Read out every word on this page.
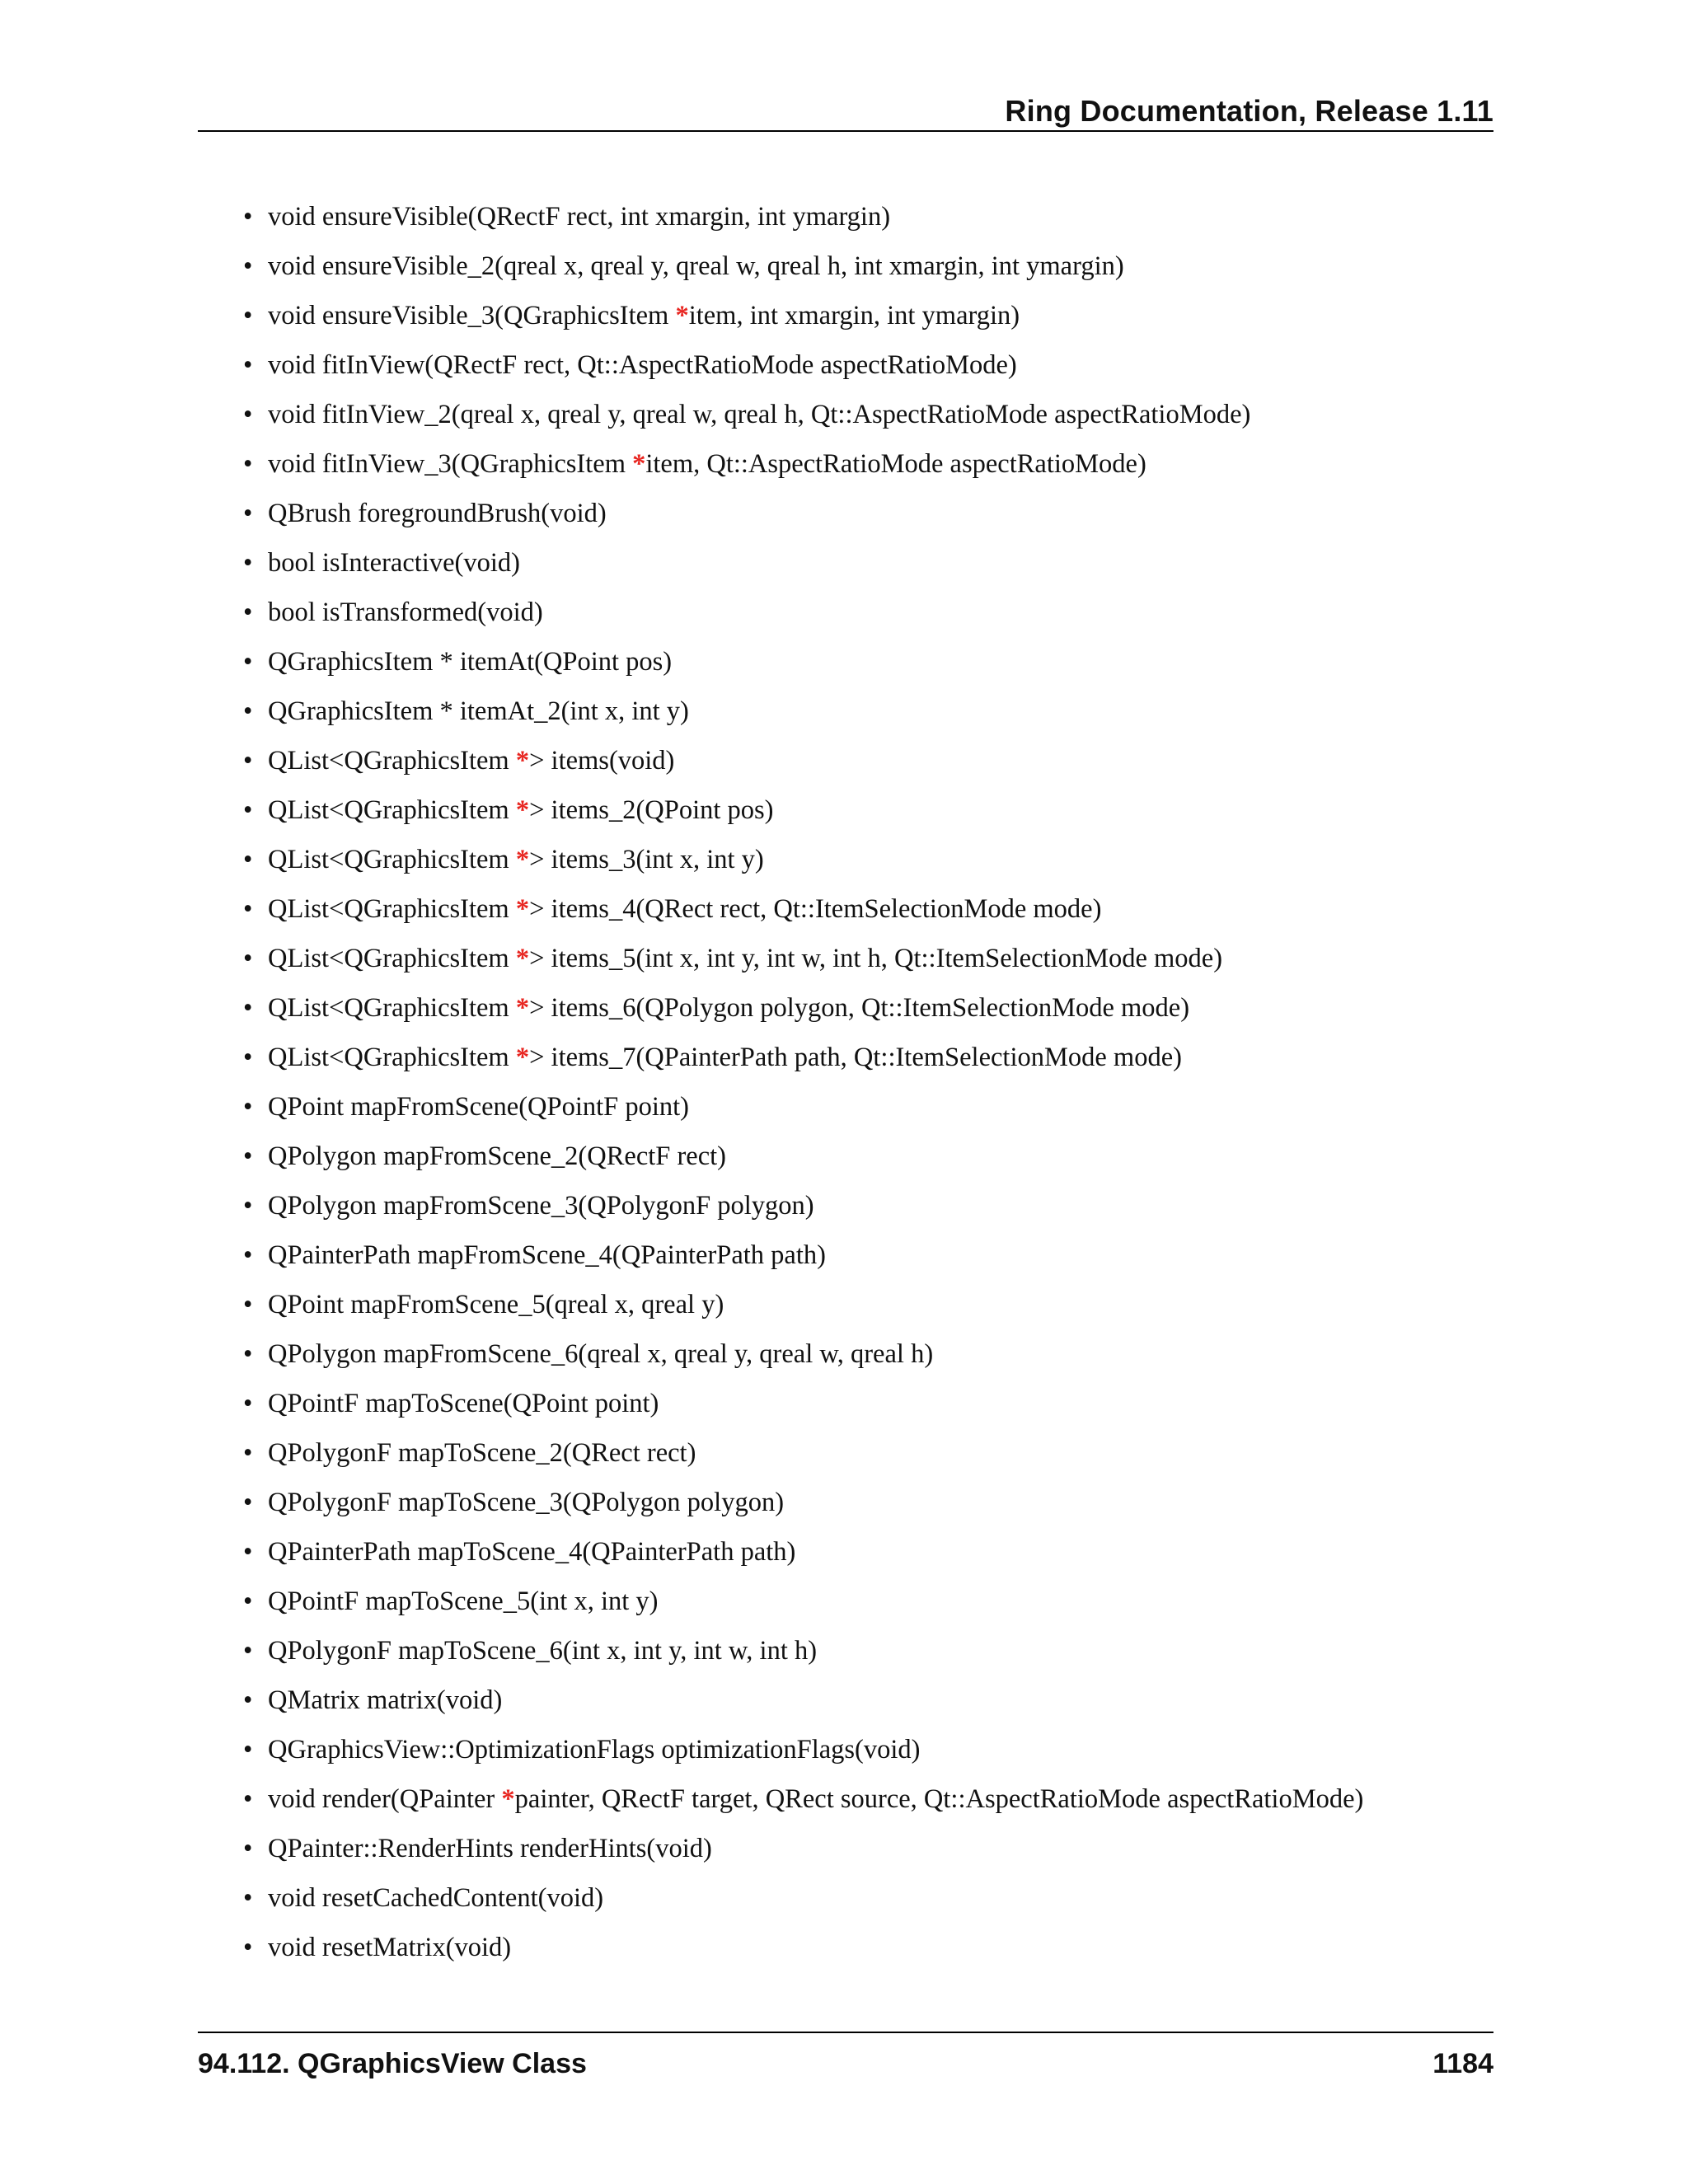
Ring Documentation, Release 1.11
• void ensureVisible(QRectF rect, int xmargin, int ymargin)
• void ensureVisible_2(qreal x, qreal y, qreal w, qreal h, int xmargin, int ymargin)
• void ensureVisible_3(QGraphicsItem *item, int xmargin, int ymargin)
• void fitInView(QRectF rect, Qt::AspectRatioMode aspectRatioMode)
• void fitInView_2(qreal x, qreal y, qreal w, qreal h, Qt::AspectRatioMode aspectRatioMode)
• void fitInView_3(QGraphicsItem *item, Qt::AspectRatioMode aspectRatioMode)
• QBrush foregroundBrush(void)
• bool isInteractive(void)
• bool isTransformed(void)
• QGraphicsItem * itemAt(QPoint pos)
• QGraphicsItem * itemAt_2(int x, int y)
• QList<QGraphicsItem *> items(void)
• QList<QGraphicsItem *> items_2(QPoint pos)
• QList<QGraphicsItem *> items_3(int x, int y)
• QList<QGraphicsItem *> items_4(QRect rect, Qt::ItemSelectionMode mode)
• QList<QGraphicsItem *> items_5(int x, int y, int w, int h, Qt::ItemSelectionMode mode)
• QList<QGraphicsItem *> items_6(QPolygon polygon, Qt::ItemSelectionMode mode)
• QList<QGraphicsItem *> items_7(QPainterPath path, Qt::ItemSelectionMode mode)
• QPoint mapFromScene(QPointF point)
• QPolygon mapFromScene_2(QRectF rect)
• QPolygon mapFromScene_3(QPolygonF polygon)
• QPainterPath mapFromScene_4(QPainterPath path)
• QPoint mapFromScene_5(qreal x, qreal y)
• QPolygon mapFromScene_6(qreal x, qreal y, qreal w, qreal h)
• QPointF mapToScene(QPoint point)
• QPolygonF mapToScene_2(QRect rect)
• QPolygonF mapToScene_3(QPolygon polygon)
• QPainterPath mapToScene_4(QPainterPath path)
• QPointF mapToScene_5(int x, int y)
• QPolygonF mapToScene_6(int x, int y, int w, int h)
• QMatrix matrix(void)
• QGraphicsView::OptimizationFlags optimizationFlags(void)
• void render(QPainter *painter, QRectF target, QRect source, Qt::AspectRatioMode aspectRatioMode)
• QPainter::RenderHints renderHints(void)
• void resetCachedContent(void)
• void resetMatrix(void)
94.112. QGraphicsView Class	1184
